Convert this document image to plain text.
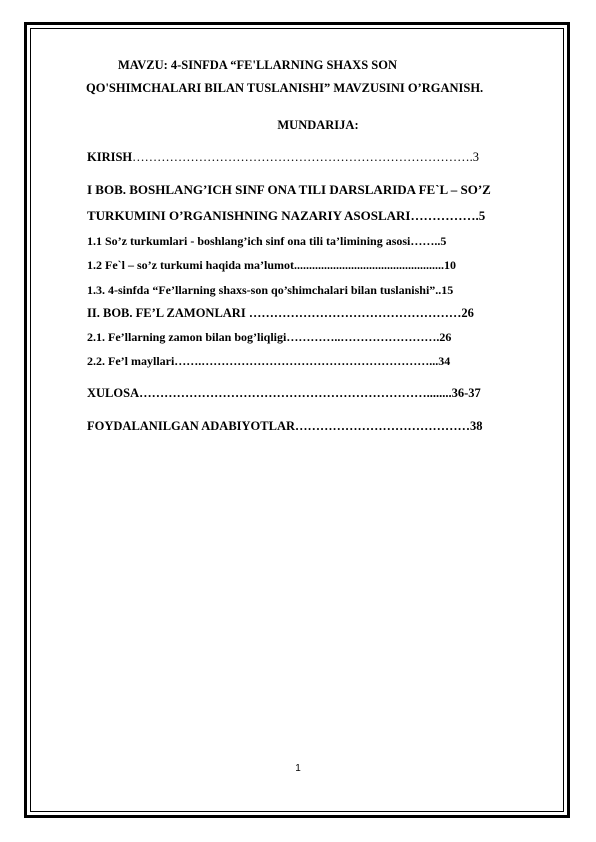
MAVZU: 4-SINFDA “FE'LLARNING SHAXS SON
QO'SHIMCHALARI BILAN TUSLANISHI” MAVZUSINI O’RGANISH.
MUNDARIJA:
KIRISH……………………………………………………………………….3
I BOB. BOSHLANG’ICH SINF ONA TILI DARSLARIDA FE`L – SO’Z
TURKUMINI O’RGANISHNING NAZARIY ASOSLARI…………….5
1.1 So’z turkumlari - boshlang’ich sinf ona tili ta’limining asosi……..5
1.2 Fe`l – so’z turkumi haqida ma’lumot..................................................10
1.3. 4-sinfda “Fe’llarning shaxs-son qo’shimchalari bilan tuslanishi”..15
II. BOB. FE’L ZAMONLARI ……………………………………………26
2.1. Fe’llarning zamon bilan bog’liqligi…………..…………………….26
2.2. Fe’l mayllari…….…………………………………………………...34
XULOSA……………………………………………………………........36-37
FOYDALANILGAN ADABIYOTLAR……………………………………38
1
